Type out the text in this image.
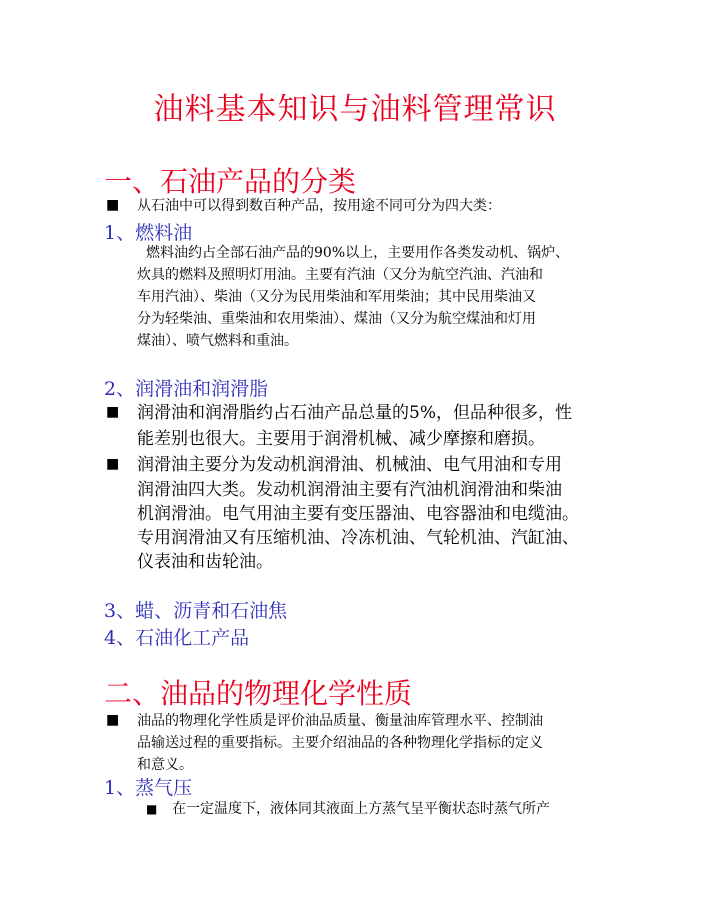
油料基本知识与油料管理常识
一、石油产品的分类
■ 从石油中可以得到数百种产品，按用途不同可分为四大类：
1、燃料油
燃料油约占全部石油产品的90%以上，主要用作各类发动机、锅炉、
炊具的燃料及照明灯用油。主要有汽油（又分为航空汽油、汽油和
车用汽油）、柴油（又分为民用柴油和军用柴油；其中民用柴油又
分为轻柴油、重柴油和农用柴油）、煤油（又分为航空煤油和灯用
煤油）、喷气燃料和重油。
2、润滑油和润滑脂
■ 润滑油和润滑脂约占石油产品总量的5%，但品种很多，性
能差别也很大。主要用于润滑机械、减少摩擦和磨损。
■ 润滑油主要分为发动机润滑油、机械油、电气用油和专用
润滑油四大类。发动机润滑油主要有汽油机润滑油和柴油
机润滑油。电气用油主要有变压器油、电容器油和电缆油。
专用润滑油又有压缩机油、冷冻机油、气轮机油、汽缸油、
仪表油和齿轮油。
3、蜡、沥青和石油焦
4、石油化工产品
二、油品的物理化学性质
■ 油品的物理化学性质是评价油品质量、衡量油库管理水平、控制油
品输送过程的重要指标。主要介绍油品的各种物理化学指标的定义
和意义。
1、蒸气压
■ 在一定温度下，液体同其液面上方蒸气呈平衡状态时蒸气所产
